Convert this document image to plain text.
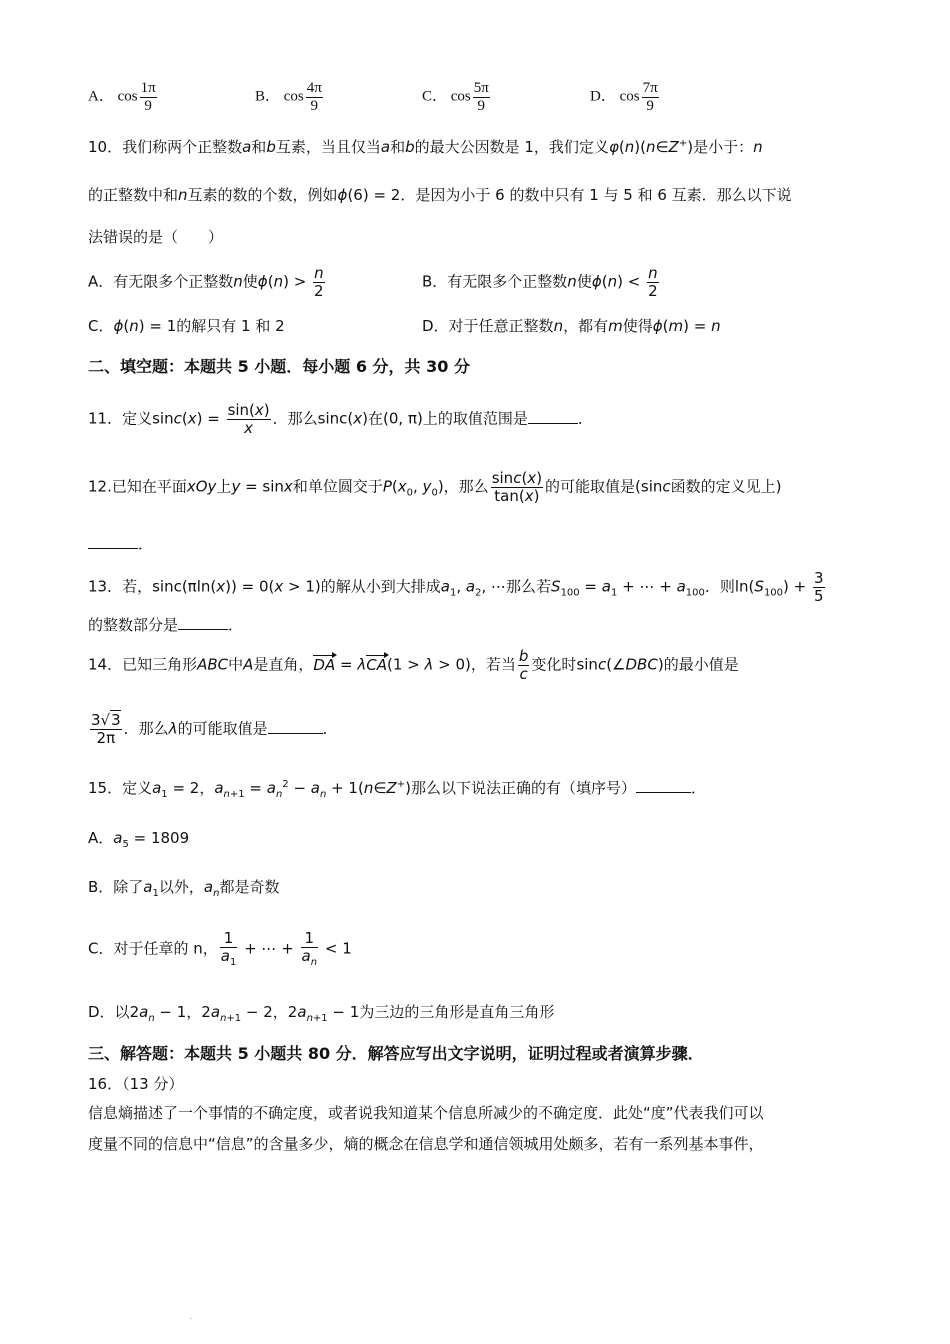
A． $\cos \frac{1\pi}{9}$	B． $\cos \frac{4\pi}{9}$	C． $\cos \frac{5\pi}{9}$	D． $\cos \frac{7\pi}{9}$
10．我们称两个正整数a和b互素，当且仅当a和b的最大公因数是 1，我们定义φ(n)(n∈Z+)是小于：n
的正整数中和n互素的数的个数，例如ϕ(6) = 2．是因为小于 6 的数中只有 1 与 5 和 6 互素．那么以下说
法错误的是（　　）
A．有无限多个正整数n使$\phi(n) > \frac{n}{2}$	B．有无限多个正整数n使$\phi(n) < \frac{n}{2}$
C．ϕ(n) = 1的解只有 1 和 2	D．对于任意正整数n，都有m使得ϕ(m) = n
二、填空题：本题共 5 小题．每小题 6 分，共 30 分
11．定义$\sin c(x) = \frac{\sin(x)}{x}$ ．那么sinc(x)在(0, π)上的取值范围是	．
12.已知在平面xOy上y = sinx和单位圆交于$P(x_0$, $y_0$)，那么 $\frac{\sin c(x)}{\tan(x)}$ 的可能取值是(sinc函数的定义见上)
．
13．若，sinc(πln(x)) = 0(x > 1)的解从小到大排成$a_1$, $a_2$, ⋯那么若$S_{100} = a_1$ + ⋯ + $a_{100}$．则$\ln(S_{100}) + \frac{3}{5}$
的整数部分是	．
14．已知三角形ABC中A是直角，DA = λCA(1 > λ > 0)，若当 $\frac{b}{c}$ 变化时sinc(∠DBC)的最小值是
$\frac{3√3}{2\pi}$ ．那么λ的可能取值是	．
15．定义$a_1 = 2$，$a_{n+1} = a_n^2 - a_n$ + 1(n∈Z+)那么以下说法正确的有（填序号）	．
A．$a_5 = 1809$
B．除了$a_1$以外，$a_n$都是奇数
C．对于任章的 n， $\frac{1}{a_1}$ + ⋯ + $\frac{1}{a_n} < 1$
D．以$2a_n - 1$，$2a_{n+1} - 2$，$2a_{n+1} - 1$为三边的三角形是直角三角形
三、解答题：本题共 5 小题共 80 分．解答应写出文字说明，证明过程或者演算步骤．
16．（13 分）
信息熵描述了一个事情的不确定度，或者说我知道某个信息所减少的不确定度．此处“度”代表我们可以
度量不同的信息中“信息”的含量多少，熵的概念在信息学和通信领城用处颇多，若有一系列基本事件，
